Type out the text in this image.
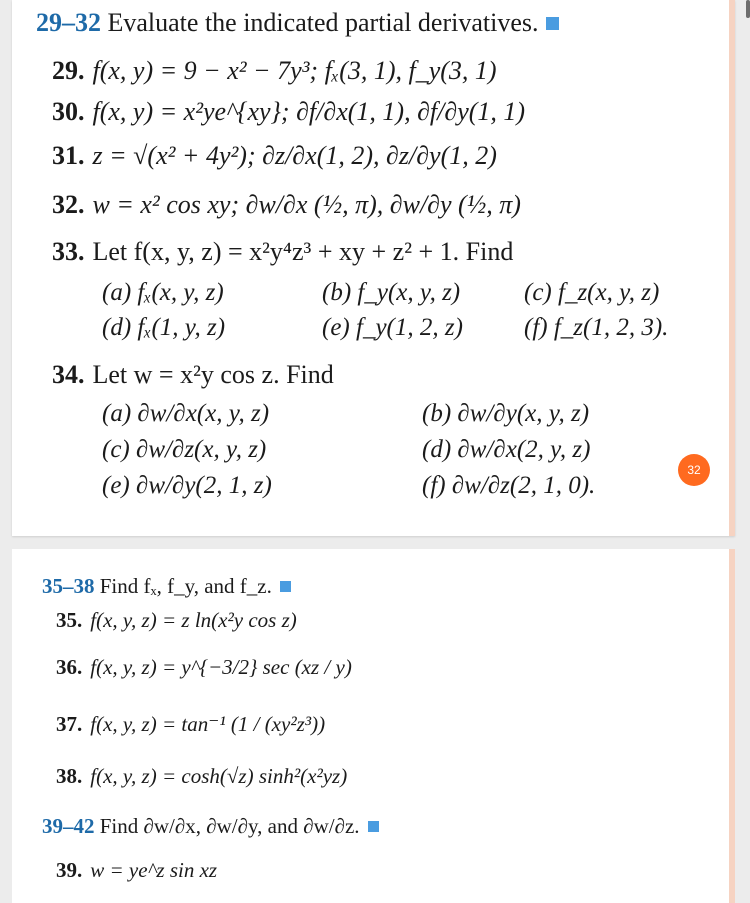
29–32 Evaluate the indicated partial derivatives.
29. f(x, y) = 9 − x² − 7y³; fₓ(3, 1), f_y(3, 1)
30. f(x, y) = x²ye^{xy}; ∂f/∂x(1, 1), ∂f/∂y(1, 1)
31. z = √(x² + 4y²); ∂z/∂x(1, 2), ∂z/∂y(1, 2)
32. w = x² cos xy; ∂w/∂x (½, π), ∂w/∂y (½, π)
33. Let f(x, y, z) = x²y⁴z³ + xy + z² + 1. Find
(a) fₓ(x, y, z)	(b) f_y(x, y, z)	(c) f_z(x, y, z)
(d) fₓ(1, y, z)	(e) f_y(1, 2, z) (f) f_z(1, 2, 3).
34. Let w = x²y cos z. Find
(a) ∂w/∂x(x, y, z)	(b) ∂w/∂y(x, y, z)
(c) ∂w/∂z(x, y, z)	(d) ∂w/∂x(2, y, z)
(e) ∂w/∂y(2, 1, z)	(f) ∂w/∂z(2, 1, 0).
32
35–38 Find fₓ, f_y, and f_z.
35. f(x, y, z) = z ln(x²y cos z)
36. f(x, y, z) = y^{−3/2} sec (xz / y)
37. f(x, y, z) = tan⁻¹ (1 / (xy²z³))
38. f(x, y, z) = cosh(√z) sinh²(x²yz)
39–42 Find ∂w/∂x, ∂w/∂y, and ∂w/∂z.
39. w = ye^z sin xz
